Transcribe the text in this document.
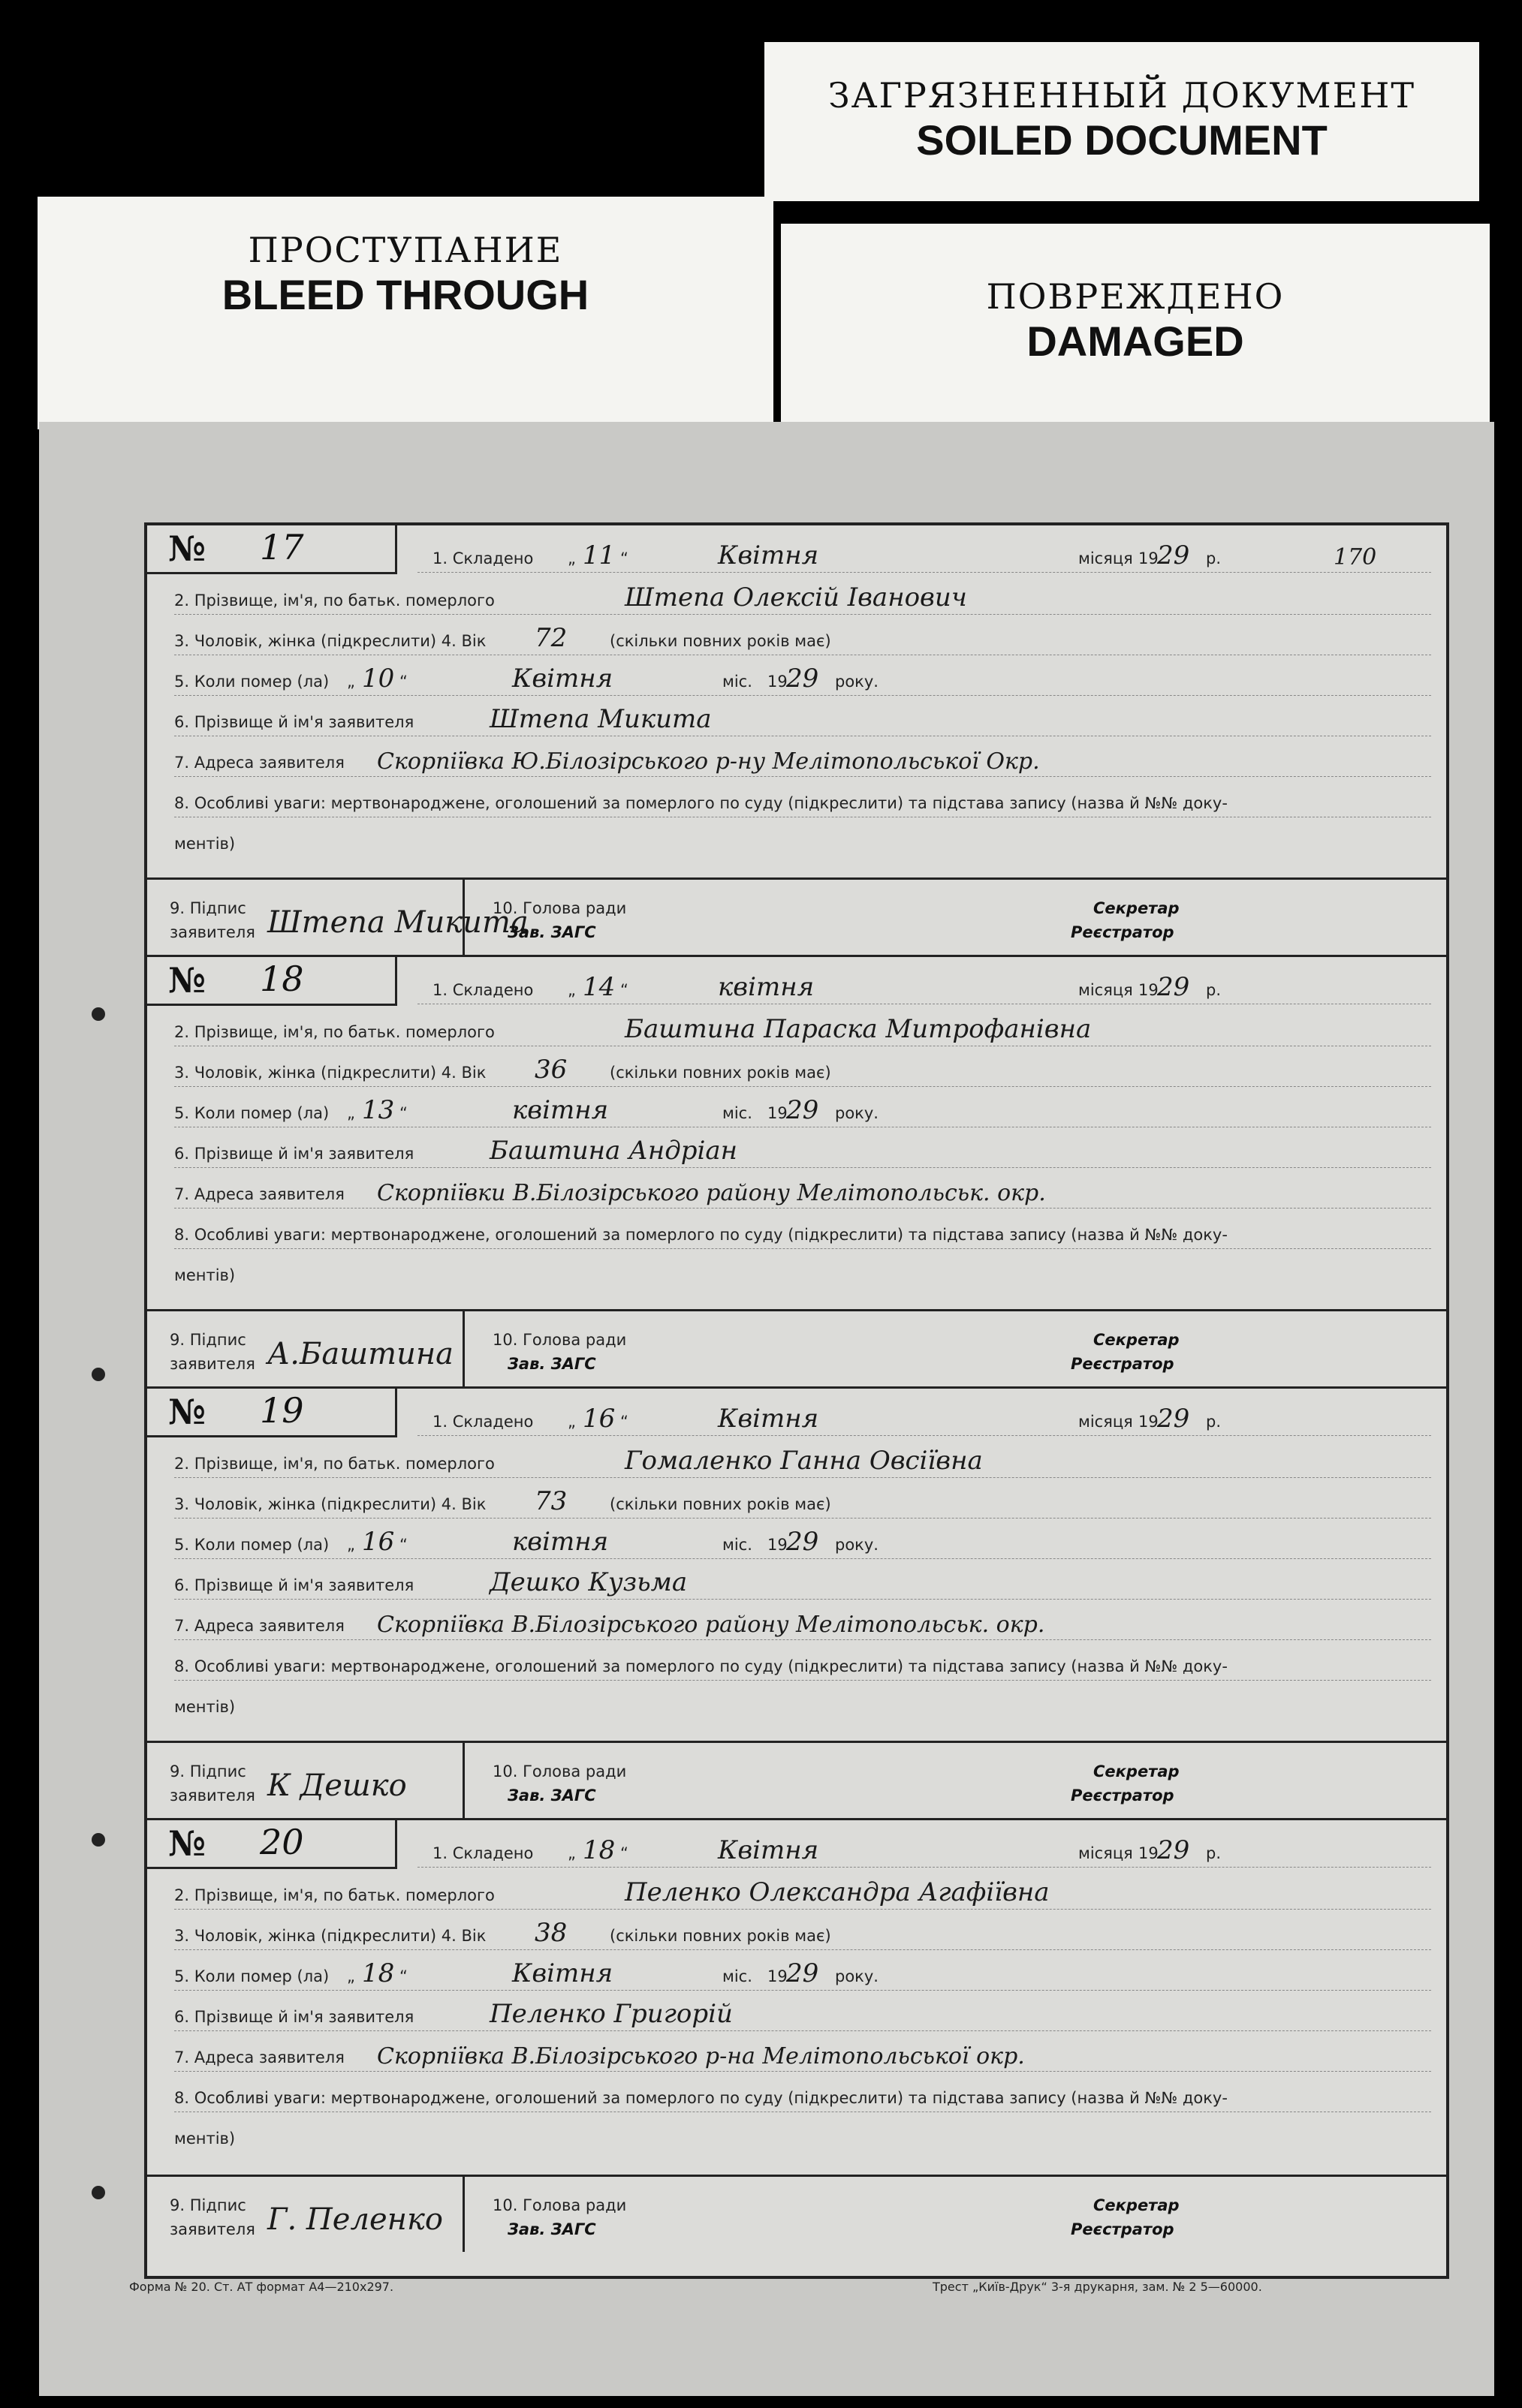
ЗАГРЯЗНЕННЫЙ ДОКУМЕНТ
SOILED DOCUMENT
ПРОСТУПАНИЕ
BLEED THROUGH	ПОВРЕЖДЕНО
DAMAGED
№ 17	1. Складено „ 11 “	Квітня	місяця 19
29 р.	170
2. Прізвище, ім'я, по батьк. померлого	Штепа Олексій Іванович
3. Чоловік, жінка (підкреслити) 4. Вік 72	(скільки повних років має)
5. Коли помер (ла) „ 10 “	Квітня	міс. 19
29 року.
6. Прізвище й ім'я заявителя	Штепа Микита
7. Адреса заявителя Скорпіївка Ю.Білозірського р-ну Мелітопольської Окр.
8. Особливі уваги: мертвонароджене, оголошений за померлого по суду (підкреслити) та підстава запису (назва й №№ доку-
ментів)
9. Підпис
заявителя Штепа Микита
10. Голова ради
Зав. ЗАГС
Секретар
Реєстратор
№ 18	1. Складено „ 14 “	квітня	місяця 19
29 р.
2. Прізвище, ім'я, по батьк. померлого	Баштина Параска Митрофанівна
3. Чоловік, жінка (підкреслити) 4. Вік 36	(скільки повних років має)
5. Коли помер (ла) „ 13 “	квітня	міс. 19
29 року.
6. Прізвище й ім'я заявителя	Баштина Андріан
7. Адреса заявителя Скорпіївки В.Білозірського району Мелітопольськ. окр.
8. Особливі уваги: мертвонароджене, оголошений за померлого по суду (підкреслити) та підстава запису (назва й №№ доку-
ментів)
9. Підпис
заявителя А.Баштина 10. Голова ради
Зав. ЗАГС
Секретар
Реєстратор
№ 19	1. Складено „ 16 “	Квітня	місяця 19
29 р.
2. Прізвище, ім'я, по батьк. померлого	Гомаленко Ганна Овсіївна
3. Чоловік, жінка (підкреслити) 4. Вік 73	(скільки повних років має)
5. Коли помер (ла) „ 16 “	квітня	міс. 19
29 року.
6. Прізвище й ім'я заявителя	Дешко Кузьма
7. Адреса заявителя Скорпіївка В.Білозірського району Мелітопольськ. окр.
8. Особливі уваги: мертвонароджене, оголошений за померлого по суду (підкреслити) та підстава запису (назва й №№ доку-
ментів)
9. Підпис
заявителя К Дешко	10. Голова ради
Зав. ЗАГС
Секретар
Реєстратор
№ 20	1. Складено „ 18 “	Квітня	місяця 19
29 р.
2. Прізвище, ім'я, по батьк. померлого	Пеленко Олександра Агафіївна
3. Чоловік, жінка (підкреслити) 4. Вік 38	(скільки повних років має)
5. Коли помер (ла) „ 18 “	Квітня	міс. 19
29 року.
6. Прізвище й ім'я заявителя	Пеленко Григорій
7. Адреса заявителя Скорпіївка В.Білозірського р-на Мелітопольської окр.
8. Особливі уваги: мертвонароджене, оголошений за померлого по суду (підкреслити) та підстава запису (назва й №№ доку-
ментів)
9. Підпис
заявителя Г. Пеленко	10. Голова ради
Зав. ЗАГС
Секретар
Реєстратор
Форма № 20. Ст. АТ формат А4—210х297.	Трест „Київ-Друк“ 3-я друкарня, зам. № 2 5—60000.
